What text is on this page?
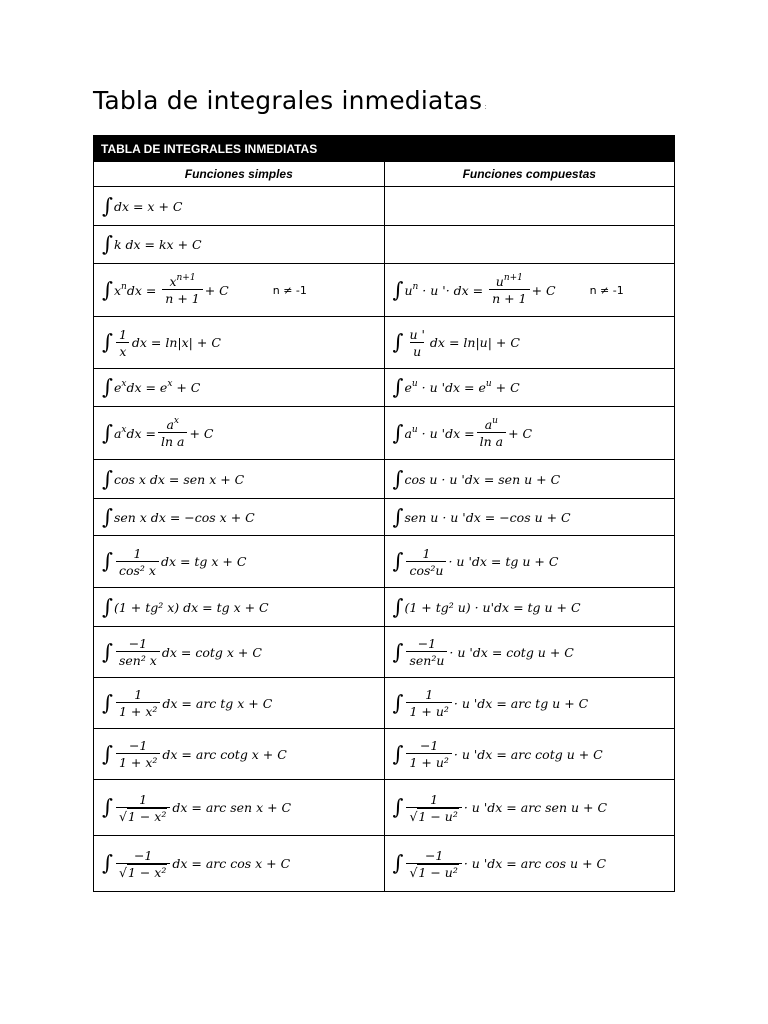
Tabla de integrales inmediatas :
TABLA DE INTEGRALES INMEDIATAS	
Funciones simples	Funciones compuestas
∫dx = x + C	
∫k dx = kx + C	
$\int x^ndx = \frac{x^{n+1}}{n + 1} + C$ n ≠ -1	$\int u^n \cdot u$ '· dx = $\frac{u^{n+1}}{n + 1} + C$ n ≠ -1
∫ $\frac{1}{x}$ dx = ln|x| + C	∫ $\frac{u '}{u}$ dx = ln|u| + C
$\int e^xdx = e^x + C$	$\int e^u \cdot u$ 'dx = $e^u + C$
$\int a^xdx = \frac{a^x}{\text{ln a}} + C$	$\int a^u \cdot u$ 'dx = $\frac{a^u}{\text{ln a}} + C$
∫cos x dx = sen x + C	∫cos u · u 'dx = sen u + C
∫sen x dx = −cos x + C	∫sen u · u 'dx = −cos u + C
∫ $\frac{1}{\text{cos² x}}$ dx = tg x + C	∫ $\frac{1}{\text{cos²u}} \cdot u$ 'dx = tg u + C
∫(1 + tg² x) dx = tg x + C	∫(1 + tg² u) · u'dx = tg u + C
∫ $\frac{-1}{\text{sen² x}}$ dx = cotg x + C	∫ $\frac{-1}{\text{sen²u}} \cdot u$ 'dx = cotg u + C
∫ $\frac{1}{\text{1 + x²}}$ dx = arc tg x + C	∫ $\frac{1}{\text{1 + u²}} \cdot u$ 'dx = arc tg u + C
∫ $\frac{-1}{\text{1 + x²}}$ dx = arc cotg x + C	∫ $\frac{-1}{\text{1 + u²}} \cdot u$ 'dx = arc cotg u + C
∫ $\frac{1}{\text{√1 − x²}}$ dx = arc sen x + C	∫ $\frac{1}{\text{√1 − u²}} \cdot u$ 'dx = arc sen u + C
∫ $\frac{-1}{\text{√1 − x²}}$ dx = arc cos x + C	∫ $\frac{-1}{\text{√1 − u²}} \cdot u$ 'dx = arc cos u + C
